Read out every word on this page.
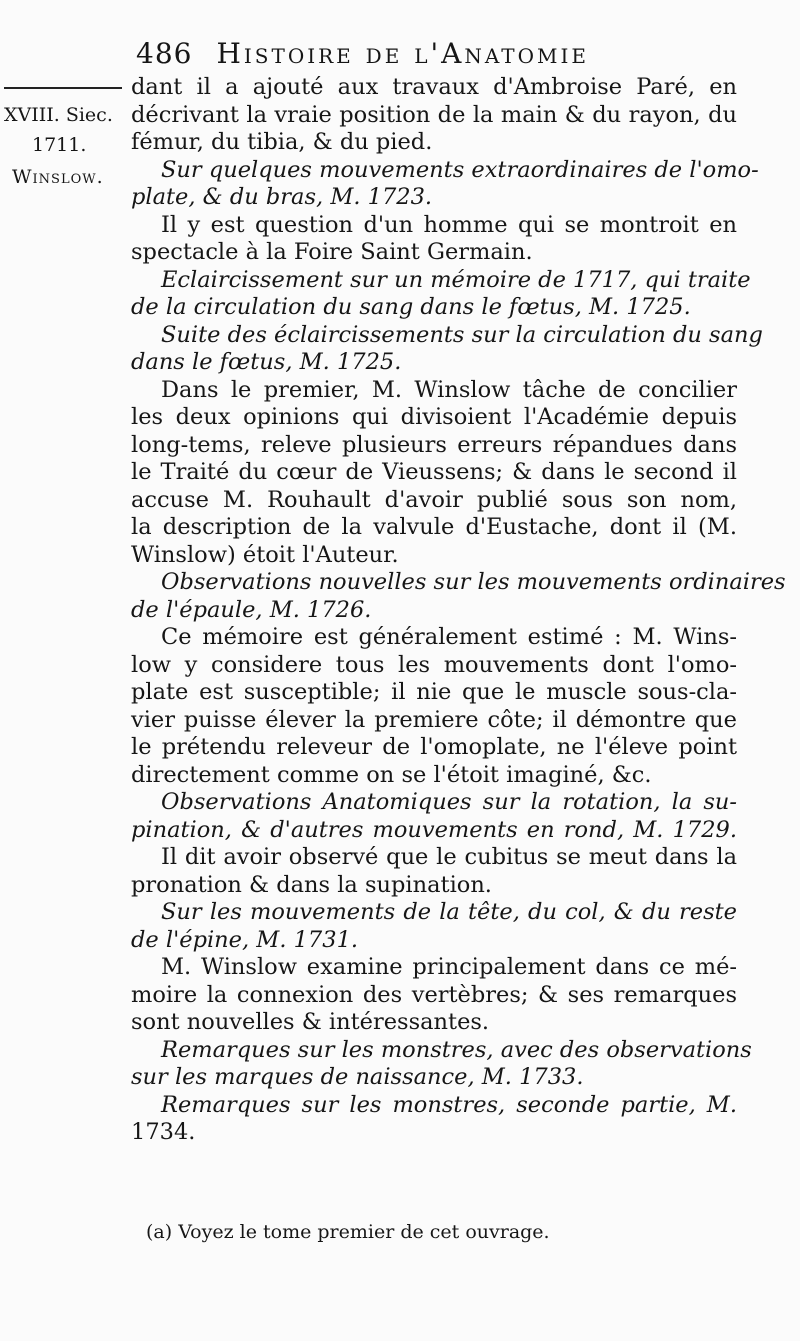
486 Histoire de l'Anatomie
XVIII. Siec.
1711.
Winslow.
dant il a ajouté aux travaux d'Ambroise Paré, en
décrivant la vraie position de la main & du rayon, du
fémur, du tibia, & du pied.
Sur quelques mouvements extraordinaires de l'omo-
plate, & du bras, M. 1723.
Il y est question d'un homme qui se montroit en
spectacle à la Foire Saint Germain.
Eclaircissement sur un mémoire de 1717, qui traite
de la circulation du sang dans le fœtus, M. 1725.
Suite des éclaircissements sur la circulation du sang
dans le fœtus, M. 1725.
Dans le premier, M. Winslow tâche de concilier
les deux opinions qui divisoient l'Académie depuis
long-tems, releve plusieurs erreurs répandues dans
le Traité du cœur de Vieussens; & dans le second il
accuse M. Rouhault d'avoir publié sous son nom,
la description de la valvule d'Eustache, dont il (M.
Winslow) étoit l'Auteur.
Observations nouvelles sur les mouvements ordinaires
de l'épaule, M. 1726.
Ce mémoire est généralement estimé : M. Wins-
low y considere tous les mouvements dont l'omo-
plate est susceptible; il nie que le muscle sous-cla-
vier puisse élever la premiere côte; il démontre que
le prétendu releveur de l'omoplate, ne l'éleve point
directement comme on se l'étoit imaginé, &c.
Observations Anatomiques sur la rotation, la su-
pination, & d'autres mouvements en rond, M. 1729.
Il dit avoir observé que le cubitus se meut dans la
pronation & dans la supination.
Sur les mouvements de la tête, du col, & du reste
de l'épine, M. 1731.
M. Winslow examine principalement dans ce mé-
moire la connexion des vertèbres; & ses remarques
sont nouvelles & intéressantes.
Remarques sur les monstres, avec des observations
sur les marques de naissance, M. 1733.
Remarques sur les monstres, seconde partie, M.
1734.
(a) Voyez le tome premier de cet ouvrage.
